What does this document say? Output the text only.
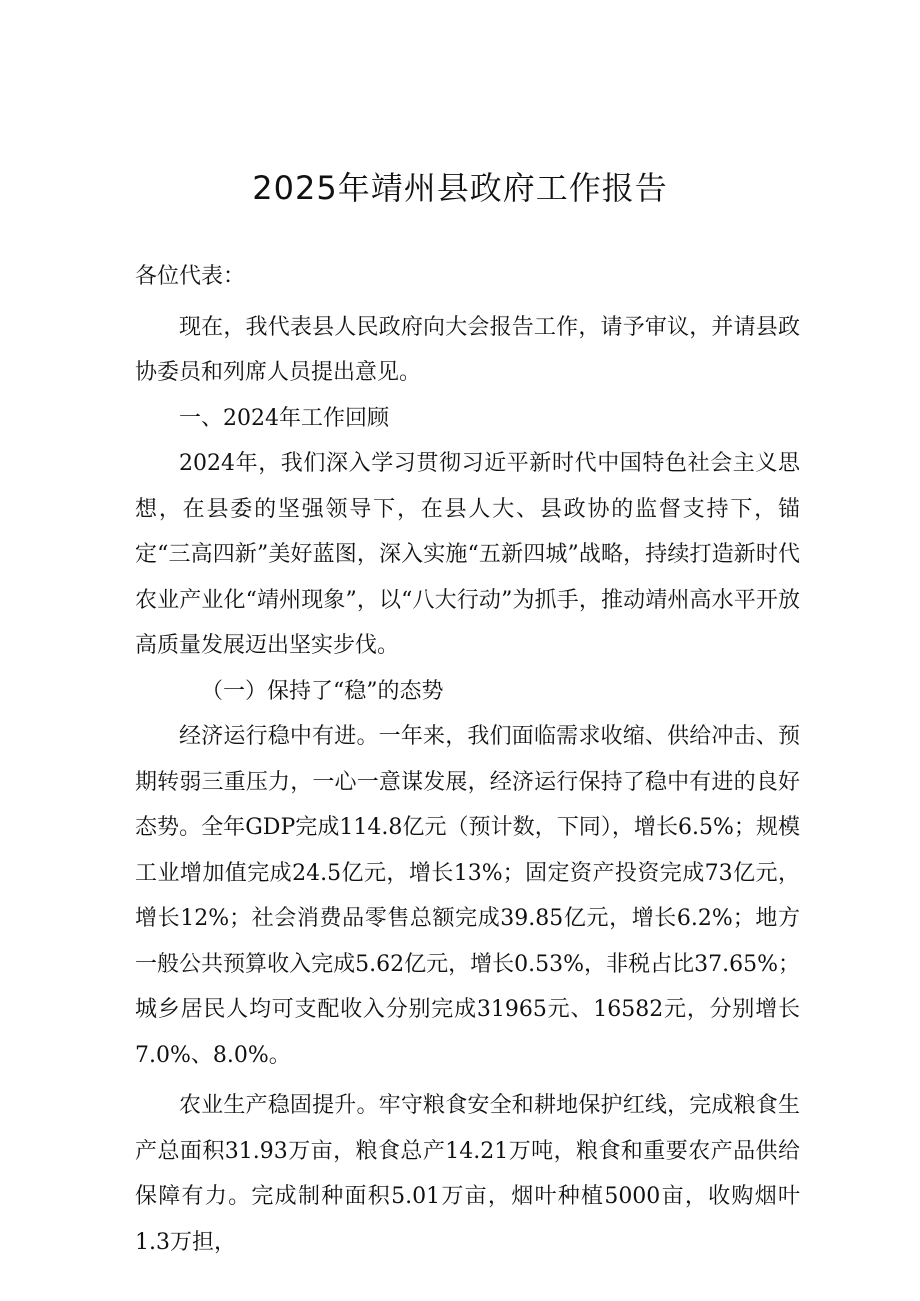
2025年靖州县政府工作报告

各位代表：

现在，我代表县人民政府向大会报告工作，请予审议，并请县政协委员和列席人员提出意见。

一、2024年工作回顾

2024年，我们深入学习贯彻习近平新时代中国特色社会主义思想，在县委的坚强领导下，在县人大、县政协的监督支持下，锚定“三高四新”美好蓝图，深入实施“五新四城”战略，持续打造新时代农业产业化“靖州现象”，以“八大行动”为抓手，推动靖州高水平开放高质量发展迈出坚实步伐。

（一）保持了“稳”的态势

经济运行稳中有进。一年来，我们面临需求收缩、供给冲击、预期转弱三重压力，一心一意谋发展，经济运行保持了稳中有进的良好态势。全年GDP完成114.8亿元（预计数，下同），增长6.5%；规模工业增加值完成24.5亿元，增长13%；固定资产投资完成73亿元，增长12%；社会消费品零售总额完成39.85亿元，增长6.2%；地方一般公共预算收入完成5.62亿元，增长0.53%，非税占比37.65%；城乡居民人均可支配收入分别完成31965元、16582元，分别增长7.0%、8.0%。

农业生产稳固提升。牢守粮食安全和耕地保护红线，完成粮食生产总面积31.93万亩，粮食总产14.21万吨，粮食和重要农产品供给保障有力。完成制种面积5.01万亩，烟叶种植5000亩，收购烟叶1.3万担，
